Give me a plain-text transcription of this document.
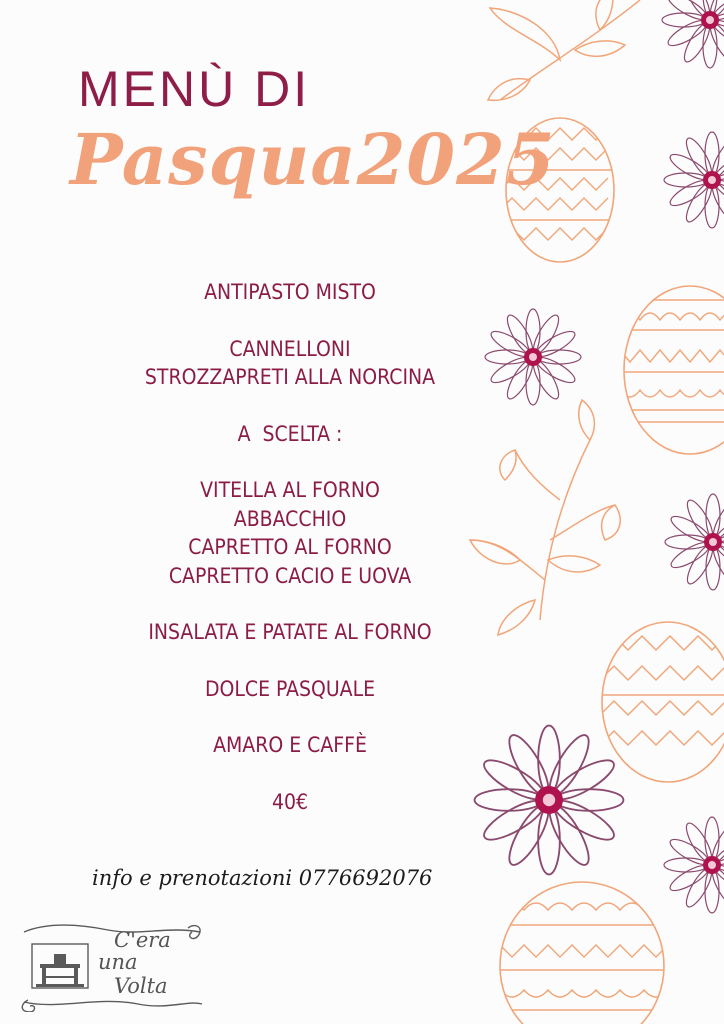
MENÙ DI
Pasqua2025
ANTIPASTO MISTO
CANNELLONI
STROZZAPRETI ALLA NORCINA
A  SCELTA :
VITELLA AL FORNO
ABBACCHIO
CAPRETTO AL FORNO
CAPRETTO CACIO E UOVA
INSALATA E PATATE AL FORNO
DOLCE PASQUALE
AMARO E CAFFÈ
40€
info e prenotazioni 0776692076
C'era
una
Volta
